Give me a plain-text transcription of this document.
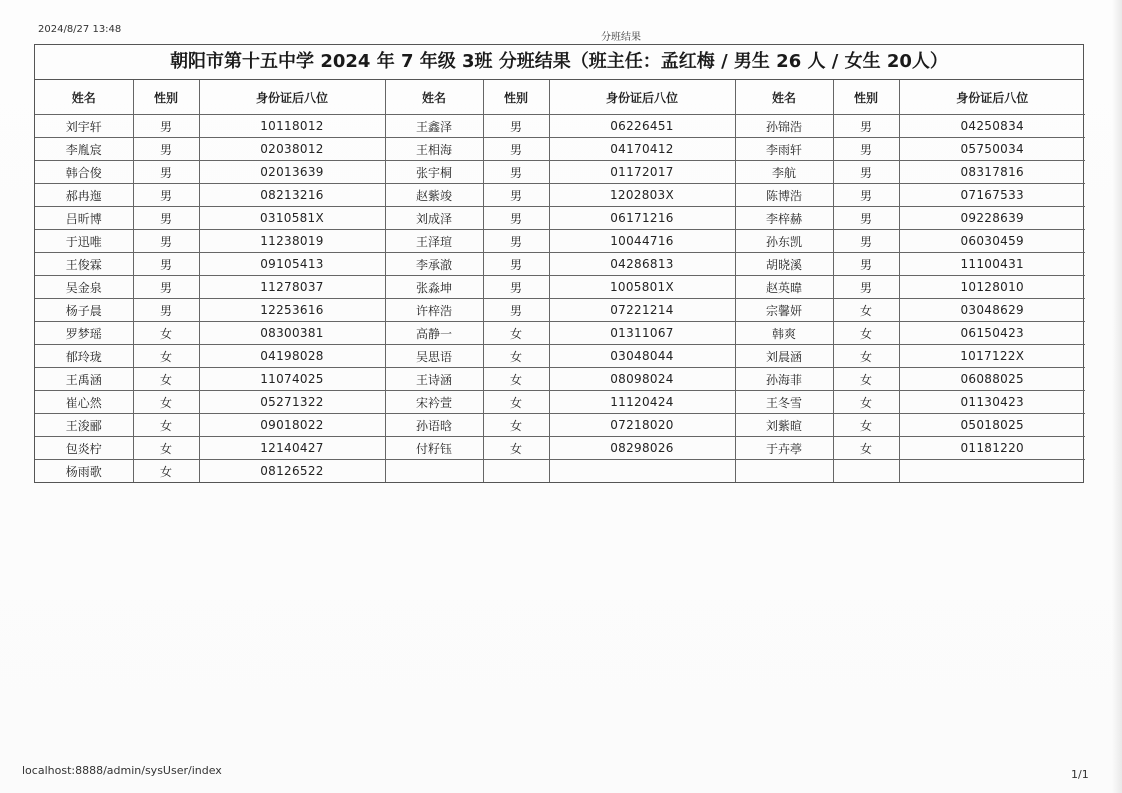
2024/8/27 13:48
分班结果
朝阳市第十五中学 2024 年 7 年级 3班 分班结果（班主任：孟红梅 / 男生 26 人 / 女生 20人）
姓名	性别	身份证后八位	姓名	性别	身份证后八位	姓名	性别	身份证后八位
刘宇轩	男	10118012	王鑫泽	男	06226451	孙锦浩	男	04250834
李胤宸	男	02038012	王相海	男	04170412	李雨轩	男	05750034
韩合俊	男	02013639	张宇桐	男	01172017	李航	男	08317816
郝冉迤	男	08213216	赵紫竣	男	1202803X	陈博浩	男	07167533
吕昕博	男	0310581X	刘成泽	男	06171216	李梓赫	男	09228639
于迅唯	男	11238019	王泽瑄	男	10044716	孙东凯	男	06030459
王俊霖	男	09105413	李承澈	男	04286813	胡晓溪	男	11100431
吴金泉	男	11278037	张淼坤	男	1005801X	赵英暐	男	10128010
杨子晨	男	12253616	许梓浩	男	07221214	宗馨妍	女	03048629
罗梦瑶	女	08300381	高静一	女	01311067	韩爽	女	06150423
郁玲珑	女	04198028	吴思语	女	03048044	刘晨涵	女	1017122X
王禹涵	女	11074025	王诗涵	女	08098024	孙海菲	女	06088025
崔心然	女	05271322	宋衿萱	女	11120424	王冬雪	女	01130423
王浚郦	女	09018022	孙语晗	女	07218020	刘紫暄	女	05018025
包炎柠	女	12140427	付籽钰	女	08298026	于卉葶	女	01181220
杨雨歌	女	08126522						
localhost:8888/admin/sysUser/index	1/1
